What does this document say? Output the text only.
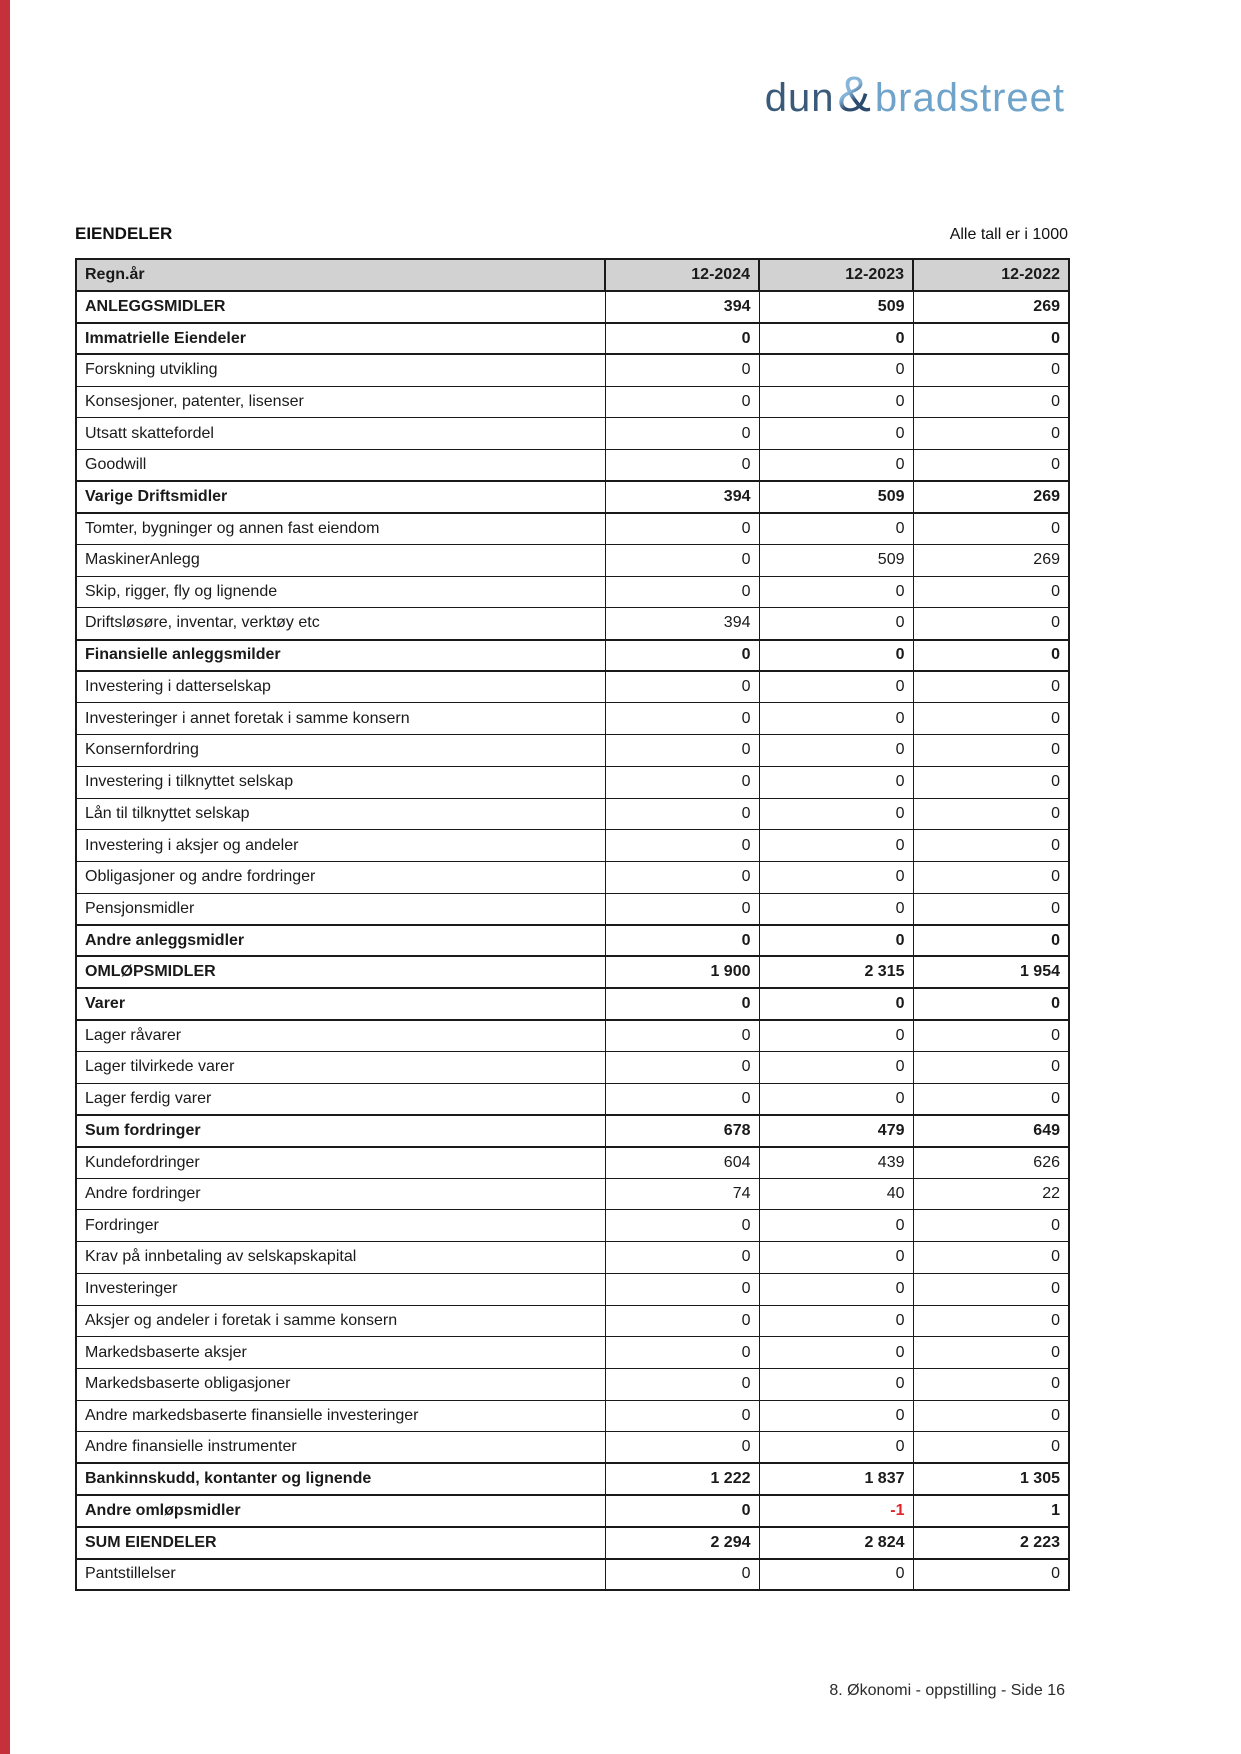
dun&bradstreet
EIENDELER	Alle tall er i 1000
Regn.år	12-2024	12-2023	12-2022
ANLEGGSMIDLER	394	509	269
Immatrielle Eiendeler	0	0	0
Forskning utvikling	0	0	0
Konsesjoner, patenter, lisenser	0	0	0
Utsatt skattefordel	0	0	0
Goodwill	0	0	0
Varige Driftsmidler	394	509	269
Tomter, bygninger og annen fast eiendom	0	0	0
MaskinerAnlegg	0	509	269
Skip, rigger, fly og lignende	0	0	0
Driftsløsøre, inventar, verktøy etc	394	0	0
Finansielle anleggsmilder	0	0	0
Investering i datterselskap	0	0	0
Investeringer i annet foretak i samme konsern	0	0	0
Konsernfordring	0	0	0
Investering i tilknyttet selskap	0	0	0
Lån til tilknyttet selskap	0	0	0
Investering i aksjer og andeler	0	0	0
Obligasjoner og andre fordringer	0	0	0
Pensjonsmidler	0	0	0
Andre anleggsmidler	0	0	0
OMLØPSMIDLER	1 900	2 315	1 954
Varer	0	0	0
Lager råvarer	0	0	0
Lager tilvirkede varer	0	0	0
Lager ferdig varer	0	0	0
Sum fordringer	678	479	649
Kundefordringer	604	439	626
Andre fordringer	74	40	22
Fordringer	0	0	0
Krav på innbetaling av selskapskapital	0	0	0
Investeringer	0	0	0
Aksjer og andeler i foretak i samme konsern	0	0	0
Markedsbaserte aksjer	0	0	0
Markedsbaserte obligasjoner	0	0	0
Andre markedsbaserte finansielle investeringer	0	0	0
Andre finansielle instrumenter	0	0	0
Bankinnskudd, kontanter og lignende	1 222	1 837	1 305
Andre omløpsmidler	0	-1	1
SUM EIENDELER	2 294	2 824	2 223
Pantstillelser	0	0	0
8. Økonomi - oppstilling - Side 16
